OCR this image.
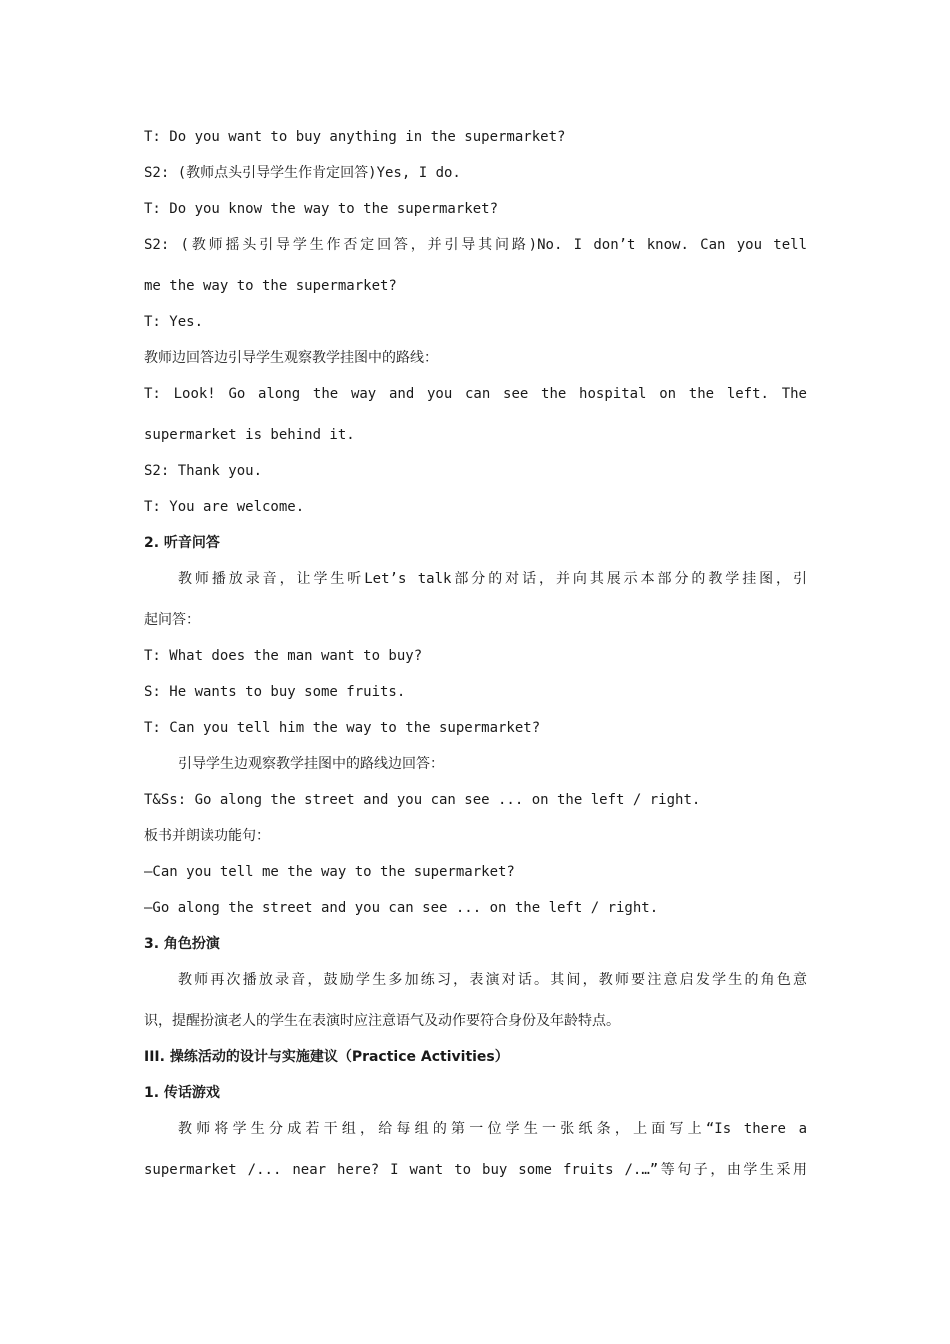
T: Do you want to buy anything in the supermarket?
S2: (教师点头引导学生作肯定回答)Yes, I do.
T: Do you know the way to the supermarket?
S2: (教师摇头引导学生作否定回答，并引导其问路)No. I don’t know. Can you tell
me the way to the supermarket?
T: Yes.
教师边回答边引导学生观察教学挂图中的路线：
T: Look! Go along the way and you can see the hospital on the left. The
supermarket is behind it.
S2: Thank you.
T: You are welcome.
2. 听音问答
教师播放录音，让学生听Let’s talk部分的对话，并向其展示本部分的教学挂图，引
起问答：
T: What does the man want to buy?
S: He wants to buy some fruits.
T: Can you tell him the way to the supermarket?
引导学生边观察教学挂图中的路线边回答：
T&Ss: Go along the street and you can see ... on the left / right.
板书并朗读功能句：
—Can you tell me the way to the supermarket?
—Go along the street and you can see ... on the left / right.
3. 角色扮演
教师再次播放录音，鼓励学生多加练习，表演对话。其间，教师要注意启发学生的角色意
识，提醒扮演老人的学生在表演时应注意语气及动作要符合身份及年龄特点。
III. 操练活动的设计与实施建议（Practice Activities）
1. 传话游戏
教师将学生分成若干组，给每组的第一位学生一张纸条，上面写上“Is there a
supermarket /... near here? I want to buy some fruits /.…”等句子，由学生采用
